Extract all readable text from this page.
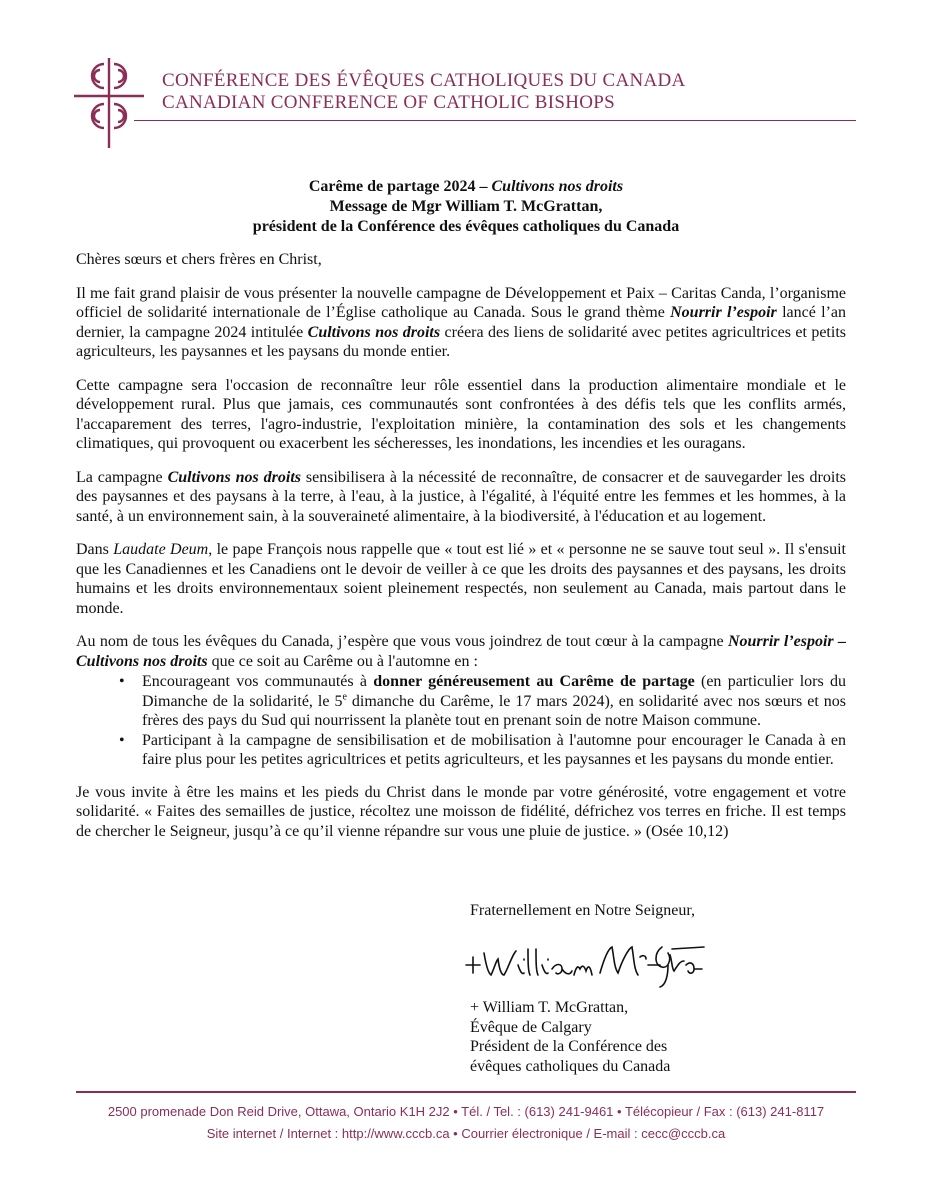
CONFÉRENCE DES ÉVÊQUES CATHOLIQUES DU CANADA
CANADIAN CONFERENCE OF CATHOLIC BISHOPS
Carême de partage 2024 – Cultivons nos droits
Message de Mgr William T. McGrattan,
président de la Conférence des évêques catholiques du Canada

Chères sœurs et chers frères en Christ,

Il me fait grand plaisir de vous présenter la nouvelle campagne de Développement et Paix – Caritas Canda, l’organisme officiel de solidarité internationale de l’Église catholique au Canada. Sous le grand thème Nourrir l’espoir lancé l’an dernier, la campagne 2024 intitulée Cultivons nos droits créera des liens de solidarité avec petites agricultrices et petits agriculteurs, les paysannes et les paysans du monde entier.

Cette campagne sera l'occasion de reconnaître leur rôle essentiel dans la production alimentaire mondiale et le développement rural. Plus que jamais, ces communautés sont confrontées à des défis tels que les conflits armés, l'accaparement des terres, l'agro-industrie, l'exploitation minière, la contamination des sols et les changements climatiques, qui provoquent ou exacerbent les sécheresses, les inondations, les incendies et les ouragans.

La campagne Cultivons nos droits sensibilisera à la nécessité de reconnaître, de consacrer et de sauvegarder les droits des paysannes et des paysans à la terre, à l'eau, à la justice, à l'égalité, à l'équité entre les femmes et les hommes, à la santé, à un environnement sain, à la souveraineté alimentaire, à la biodiversité, à l'éducation et au logement.

Dans Laudate Deum, le pape François nous rappelle que « tout est lié » et « personne ne se sauve tout seul ». Il s'ensuit que les Canadiennes et les Canadiens ont le devoir de veiller à ce que les droits des paysannes et des paysans, les droits humains et les droits environnementaux soient pleinement respectés, non seulement au Canada, mais partout dans le monde.

Au nom de tous les évêques du Canada, j’espère que vous vous joindrez de tout cœur à la campagne Nourrir l’espoir – Cultivons nos droits que ce soit au Carême ou à l'automne en :

• Encourageant vos communautés à donner généreusement au Carême de partage (en particulier lors du Dimanche de la solidarité, le 5e dimanche du Carême, le 17 mars 2024), en solidarité avec nos sœurs et nos frères des pays du Sud qui nourrissent la planète tout en prenant soin de notre Maison commune.
• Participant à la campagne de sensibilisation et de mobilisation à l'automne pour encourager le Canada à en faire plus pour les petites agricultrices et petits agriculteurs, et les paysannes et les paysans du monde entier.

Je vous invite à être les mains et les pieds du Christ dans le monde par votre générosité, votre engagement et votre solidarité. « Faites des semailles de justice, récoltez une moisson de fidélité, défrichez vos terres en friche. Il est temps de chercher le Seigneur, jusqu’à ce qu’il vienne répandre sur vous une pluie de justice. » (Osée 10,12)

Fraternellement en Notre Seigneur,
+ William T. McGrattan,
Évêque de Calgary
Président de la Conférence des
évêques catholiques du Canada
2500 promenade Don Reid Drive, Ottawa, Ontario K1H 2J2 • Tél. / Tel. : (613) 241-9461 • Télécopieur / Fax : (613) 241-8117
Site internet / Internet : http://www.cccb.ca • Courrier électronique / E-mail : cecc@cccb.ca
